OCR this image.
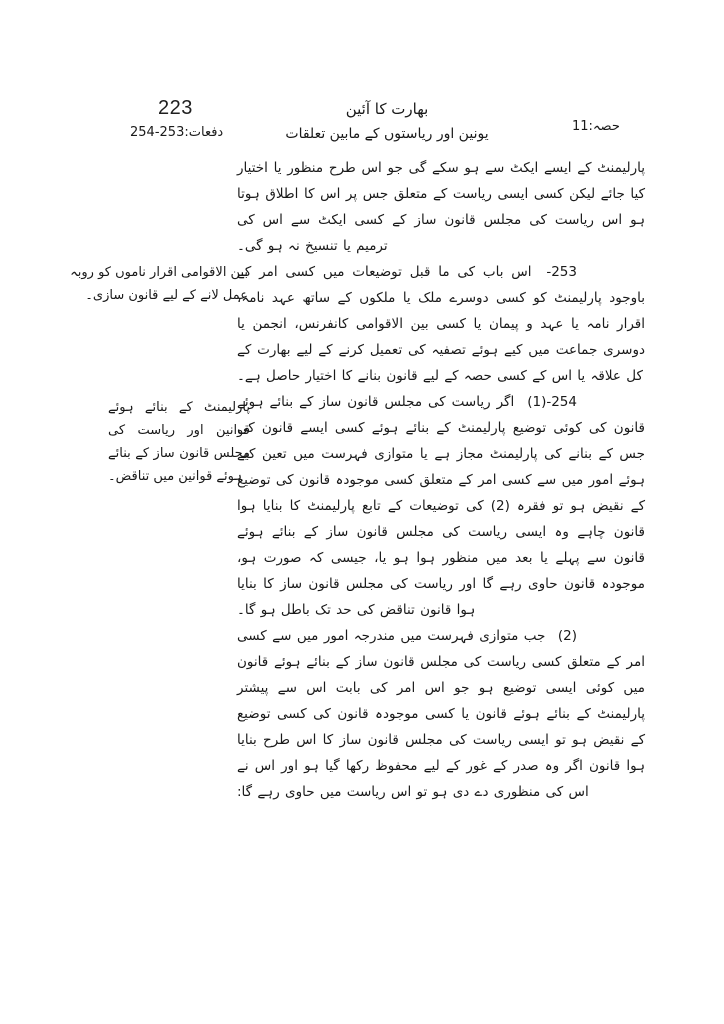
223
دفعات:253‏-254
بھارت کا آئین
یونین اور ریاستوں کے مابین تعلقات	حصہ:11
بین الاقوامی اقرار ناموں کو روبہ عمل لانے کے لیے قانون سازی۔
پارلیمنٹ کے بنائے ہوئے قوانین اور ریاست کی مجلس قانون ساز کے بنائے ہوئے قوانین میں تناقض۔

پارلیمنٹ کے ایسے ایکٹ سے ہو سکے گی جو اس طرح منظور یا اختیار کیا جائے لیکن کسی ایسی ریاست کے متعلق جس پر اس کا اطلاق ہوتا ہو اس ریاست کی مجلس قانون ساز کے کسی ایکٹ سے اس کی ترمیم یا تنسیخ نہ ہو گی۔

253- اس باب کی ما قبل توضیعات میں کسی امر کے باوجود پارلیمنٹ کو کسی دوسرے ملک یا ملکوں کے ساتھ عہد نامہ، اقرار نامہ یا عہد و پیمان یا کسی بین الاقوامی کانفرنس، انجمن یا دوسری جماعت میں کیے ہوئے تصفیہ کی تعمیل کرنے کے لیے بھارت کے کل علاقہ یا اس کے کسی حصہ کے لیے قانون بنانے کا اختیار حاصل ہے۔

254-(1) اگر ریاست کی مجلس قانون ساز کے بنائے ہوئے قانون کی کوئی توضیع پارلیمنٹ کے بنائے ہوئے کسی ایسے قانون کی جس کے بنانے کی پارلیمنٹ مجاز ہے یا متوازی فہرست میں تعین کیے ہوئے امور میں سے کسی امر کے متعلق کسی موجودہ قانون کی توضیع کے نقیض ہو تو فقرہ (2) کی توضیعات کے تابع پارلیمنٹ کا بنایا ہوا قانون چاہے وہ ایسی ریاست کی مجلس قانون ساز کے بنائے ہوئے قانون سے پہلے یا بعد میں منظور ہوا ہو یا، جیسی کہ صورت ہو، موجودہ قانون حاوی رہے گا اور ریاست کی مجلس قانون ساز کا بنایا ہوا قانون تناقض کی حد تک باطل ہو گا۔

(2) جب متوازی فہرست میں مندرجہ امور میں سے کسی امر کے متعلق کسی ریاست کی مجلس قانون ساز کے بنائے ہوئے قانون میں کوئی ایسی توضیع ہو جو اس امر کی بابت اس سے پیشتر پارلیمنٹ کے بنائے ہوئے قانون یا کسی موجودہ قانون کی کسی توضیع کے نقیض ہو تو ایسی ریاست کی مجلس قانون ساز کا اس طرح بنایا ہوا قانون اگر وہ صدر کے غور کے لیے محفوظ رکھا گیا ہو اور اس نے اس کی منظوری دے دی ہو تو اس ریاست میں حاوی رہے گا:
